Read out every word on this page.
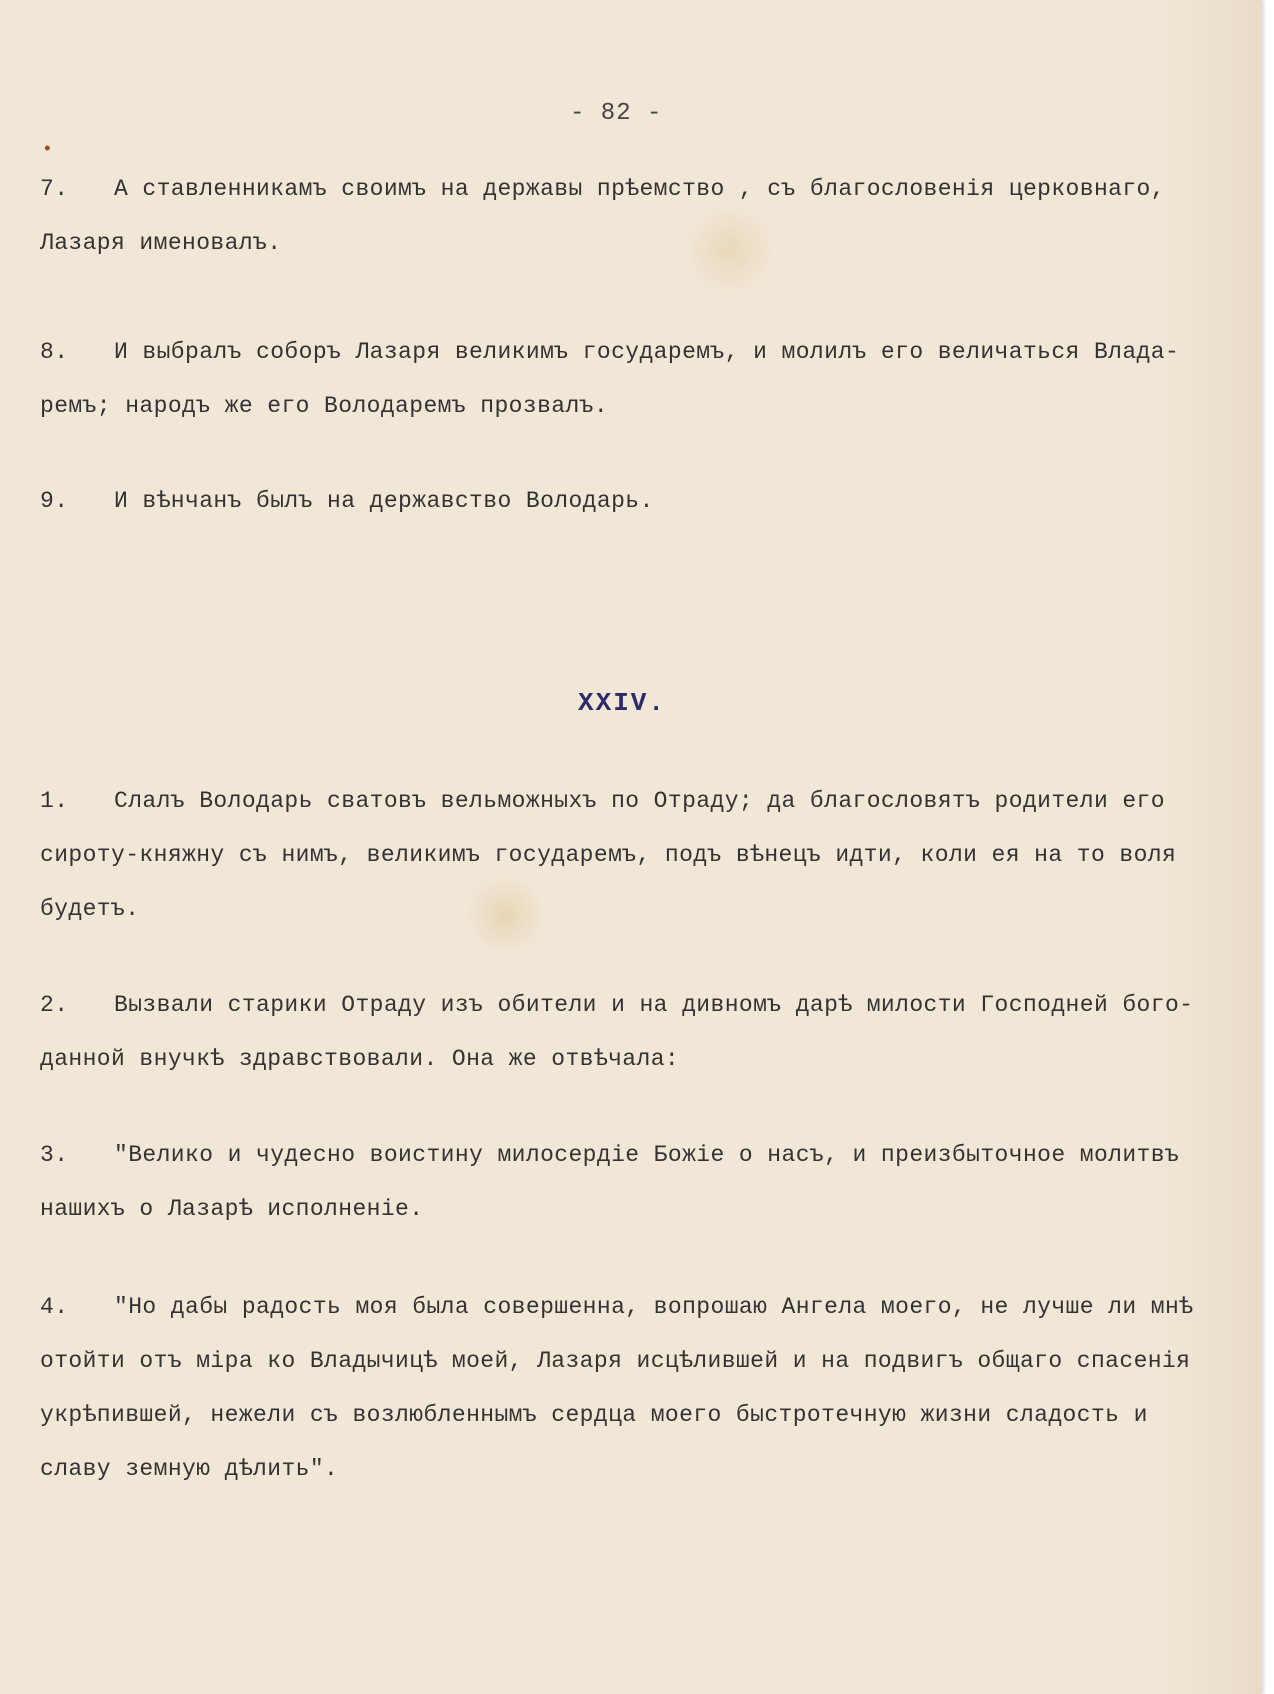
- 82 -
•

7. А ставленникамъ своимъ на державы прѣемство , съ благословенія церковнаго,
Лазаря именовалъ.

8. И выбралъ соборъ Лазаря великимъ государемъ, и молилъ его величаться Влада-
ремъ; народъ же его Володаремъ прозвалъ.

9. И вѣнчанъ былъ на державство Володарь.

XXIV.

1. Слалъ Володарь сватовъ вельможныхъ по Отраду; да благословятъ родители его
сироту-княжну съ нимъ, великимъ государемъ, подъ вѣнецъ идти, коли ея на то воля
будетъ.

2. Вызвали старики Отраду изъ обители и на дивномъ дарѣ милости Господней бого-
данной внучкѣ здравствовали. Она же отвѣчала:

3. "Велико и чудесно воистину милосердіе Божіе о насъ, и преизбыточное молитвъ
нашихъ о Лазарѣ исполненіе.

4. "Но дабы радость моя была совершенна, вопрошаю Ангела моего, не лучше ли мнѣ
отойти отъ міра ко Владычицѣ моей, Лазаря исцѣлившей и на подвигъ общаго спасенія
укрѣпившей, нежели съ возлюбленнымъ сердца моего быстротечную жизни сладость и
славу земную дѣлить".
